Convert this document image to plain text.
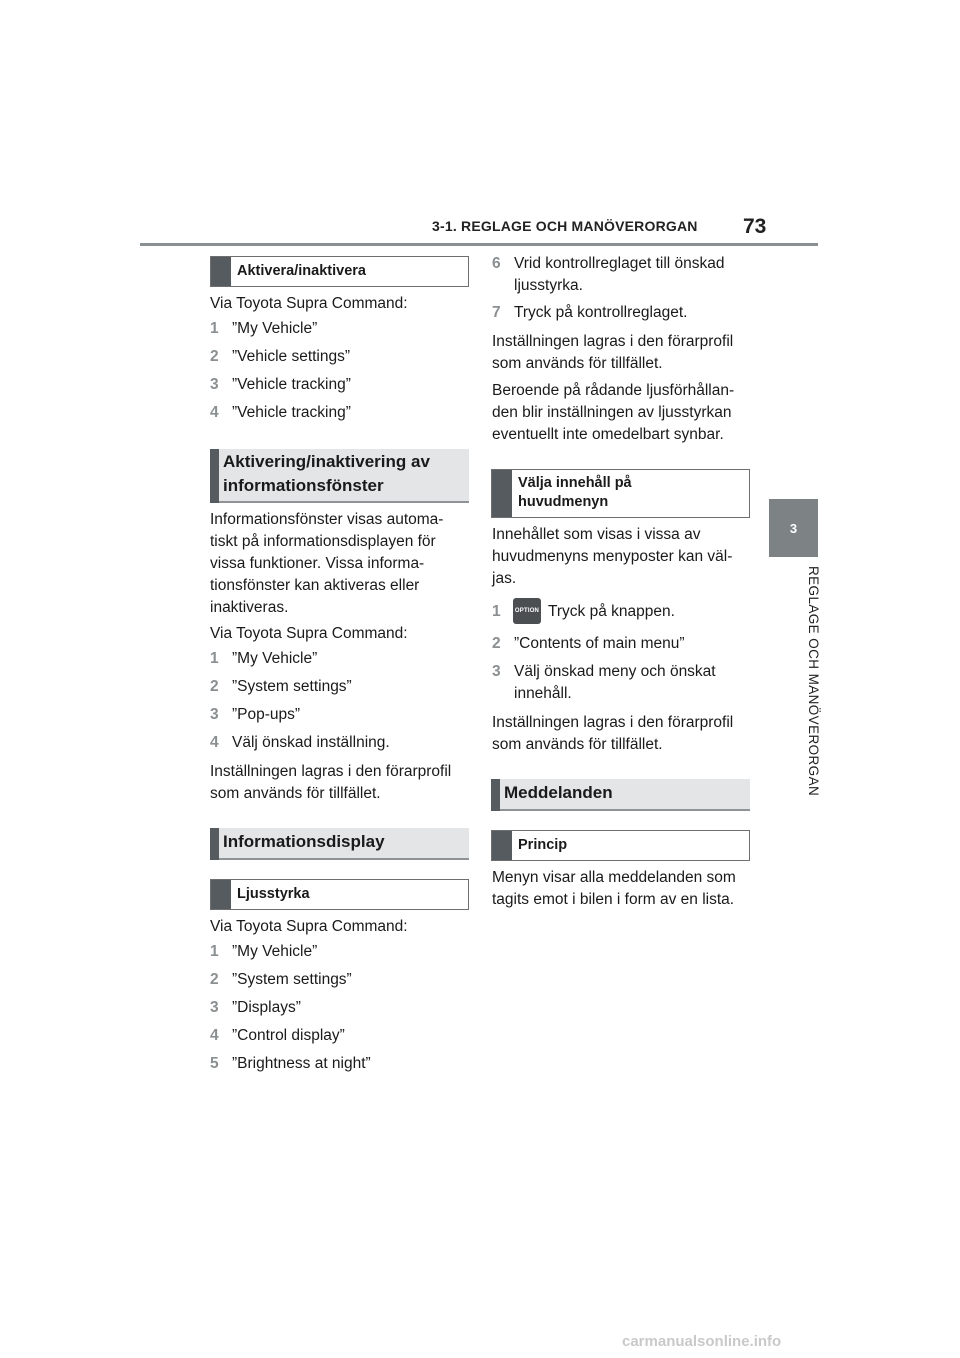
3-1. REGLAGE OCH MANÖVERORGAN 73
3
REGLAGE OCH MANÖVERORGAN
Aktivera/inaktivera
Via Toyota Supra Command:
1 ”My Vehicle”
2 ”Vehicle settings”
3 ”Vehicle tracking”
4 ”Vehicle tracking”
Aktivering/inaktivering av
informationsfönster
Informationsfönster visas automa-
tiskt på informationsdisplayen för
vissa funktioner. Vissa informa-
tionsfönster kan aktiveras eller
inaktiveras.
Via Toyota Supra Command:
1 ”My Vehicle”
2 ”System settings”
3 ”Pop-ups”
4 Välj önskad inställning.
Inställningen lagras i den förarprofil
som används för tillfället.
Informationsdisplay
Ljusstyrka
Via Toyota Supra Command:
1 ”My Vehicle”
2 ”System settings”
3 ”Displays”
4 ”Control display”
5 ”Brightness at night”
6 Vrid kontrollreglaget till önskad
ljusstyrka.
7 Tryck på kontrollreglaget.
Inställningen lagras i den förarprofil
som används för tillfället.
Beroende på rådande ljusförhållan-
den blir inställningen av ljusstyrkan
eventuellt inte omedelbart synbar.
Välja innehåll på
huvudmenyn
Innehållet som visas i vissa av
huvudmenyns menyposter kan väl-
jas.
1	Tryck på knappen.
OPTION
2 ”Contents of main menu”
3 Välj önskad meny och önskat
innehåll.
Inställningen lagras i den förarprofil
som används för tillfället.
Meddelanden
Princip
Menyn visar alla meddelanden som
tagits emot i bilen i form av en lista.
carmanualsonline.info
